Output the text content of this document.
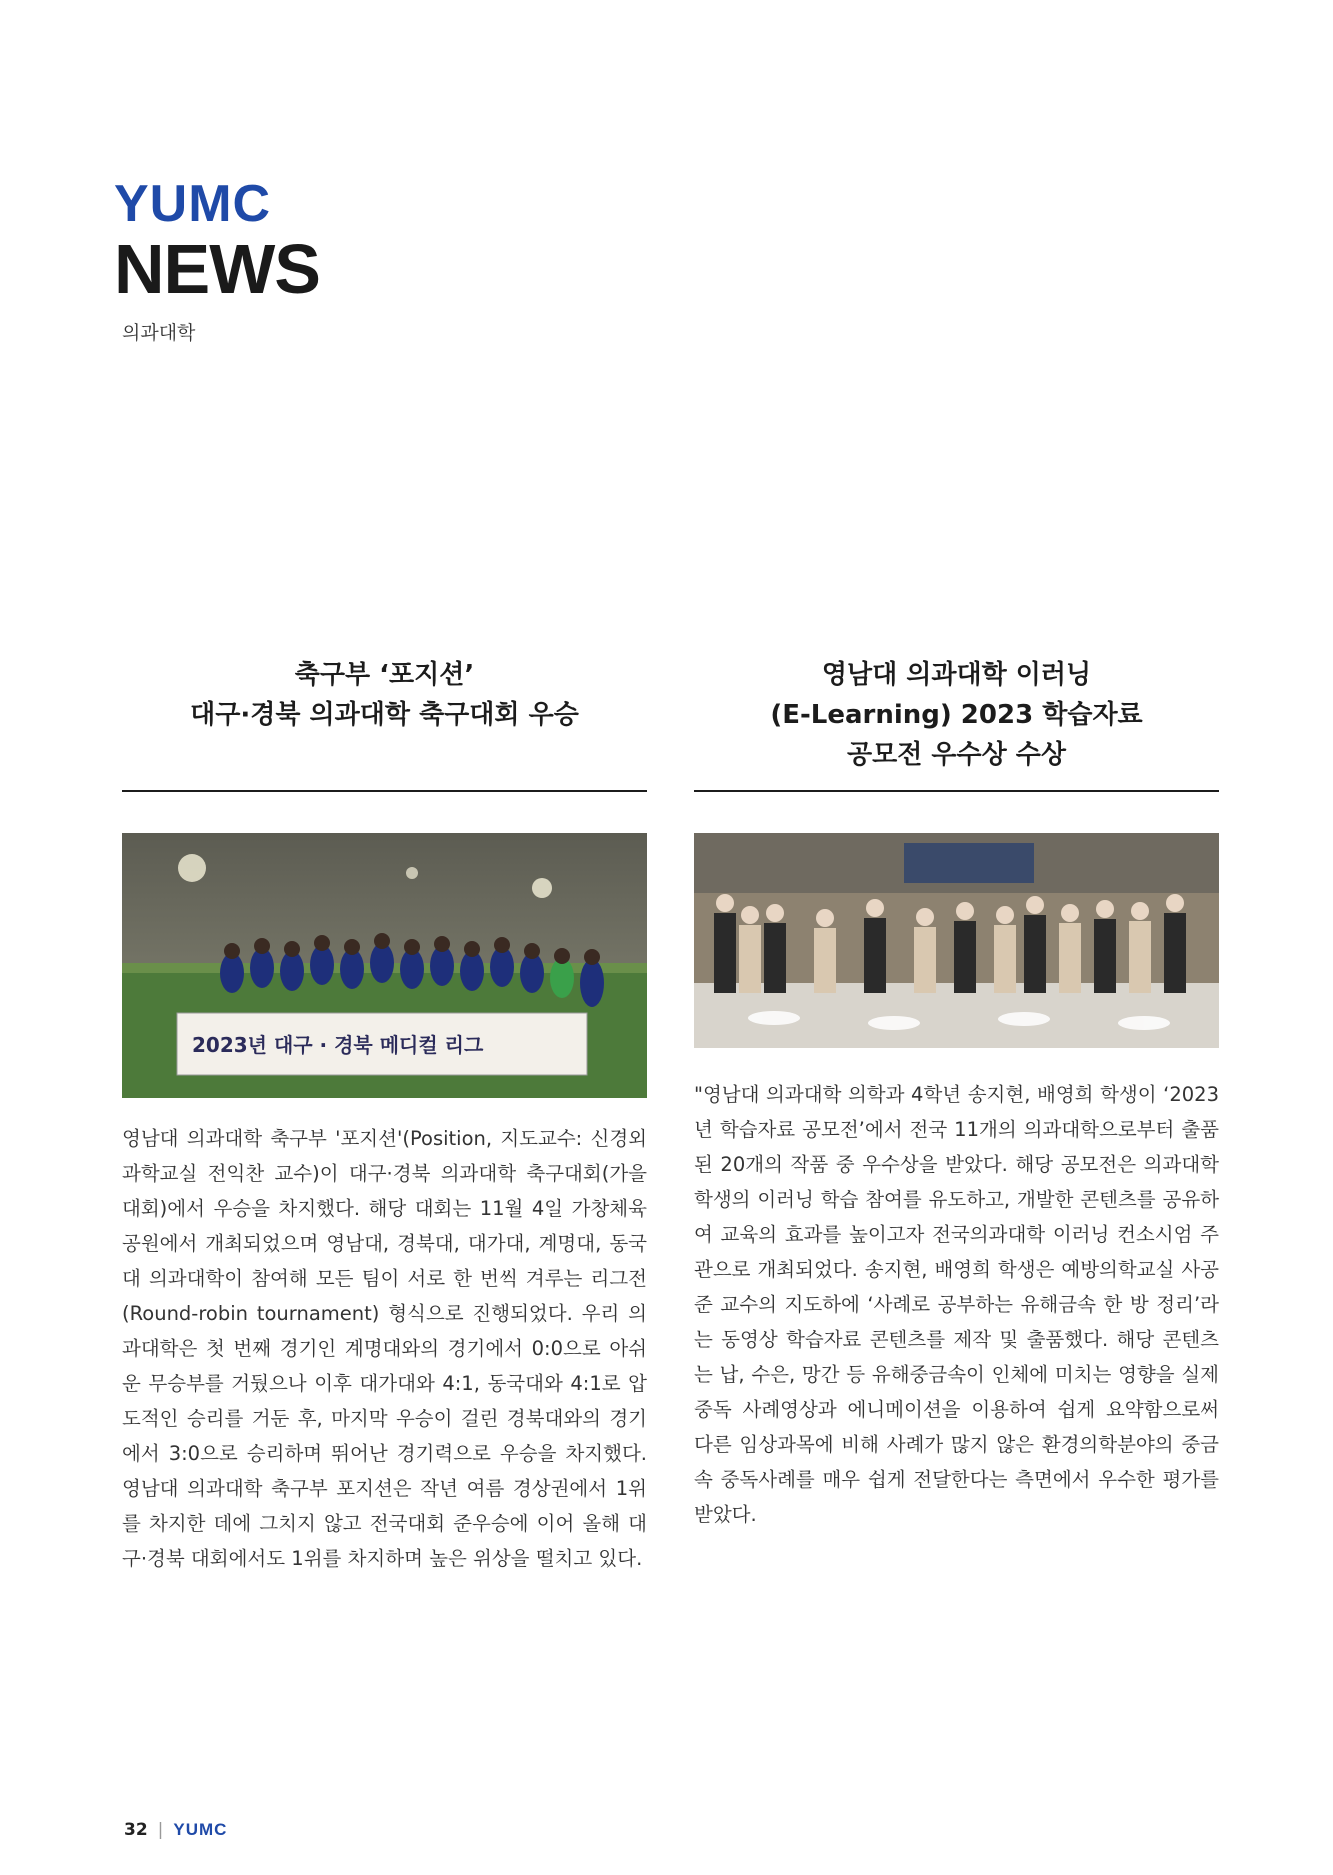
YUMC
NEWS
의과대학
축구부 ‘포지션’
대구·경북 의과대학 축구대회 우승
2023년 대구 · 경북 메디컬 리그
영남대 의과대학 축구부 '포지션'(Position, 지도교수: 신경외과학교실 전익찬 교수)이 대구·경북 의과대학 축구대회(가을 대회)에서 우승을 차지했다. 해당 대회는 11월 4일 가창체육공원에서 개최되었으며 영남대, 경북대, 대가대, 계명대, 동국대 의과대학이 참여해 모든 팀이 서로 한 번씩 겨루는 리그전(Round-robin tournament) 형식으로 진행되었다. 우리 의과대학은 첫 번째 경기인 계명대와의 경기에서 0:0으로 아쉬운 무승부를 거뒀으나 이후 대가대와 4:1, 동국대와 4:1로 압도적인 승리를 거둔 후, 마지막 우승이 걸린 경북대와의 경기에서 3:0으로 승리하며 뛰어난 경기력으로 우승을 차지했다. 영남대 의과대학 축구부 포지션은 작년 여름 경상권에서 1위를 차지한 데에 그치지 않고 전국대회 준우승에 이어 올해 대구·경북 대회에서도 1위를 차지하며 높은 위상을 떨치고 있다.
영남대 의과대학 이러닝
(E-Learning) 2023 학습자료
공모전 우수상 수상
"영남대 의과대학 의학과 4학년 송지현, 배영희 학생이 ‘2023년 학습자료 공모전’에서 전국 11개의 의과대학으로부터 출품된 20개의 작품 중 우수상을 받았다. 해당 공모전은 의과대학 학생의 이러닝 학습 참여를 유도하고, 개발한 콘텐츠를 공유하여 교육의 효과를 높이고자 전국의과대학 이러닝 컨소시엄 주관으로 개최되었다. 송지현, 배영희 학생은 예방의학교실 사공준 교수의 지도하에 ‘사례로 공부하는 유해금속 한 방 정리’라는 동영상 학습자료 콘텐츠를 제작 및 출품했다. 해당 콘텐츠는 납, 수은, 망간 등 유해중금속이 인체에 미치는 영향을 실제 중독 사례영상과 에니메이션을 이용하여 쉽게 요약함으로써 다른 임상과목에 비해 사례가 많지 않은 환경의학분야의 중금속 중독사례를 매우 쉽게 전달한다는 측면에서 우수한 평가를 받았다.
32 | YUMC
